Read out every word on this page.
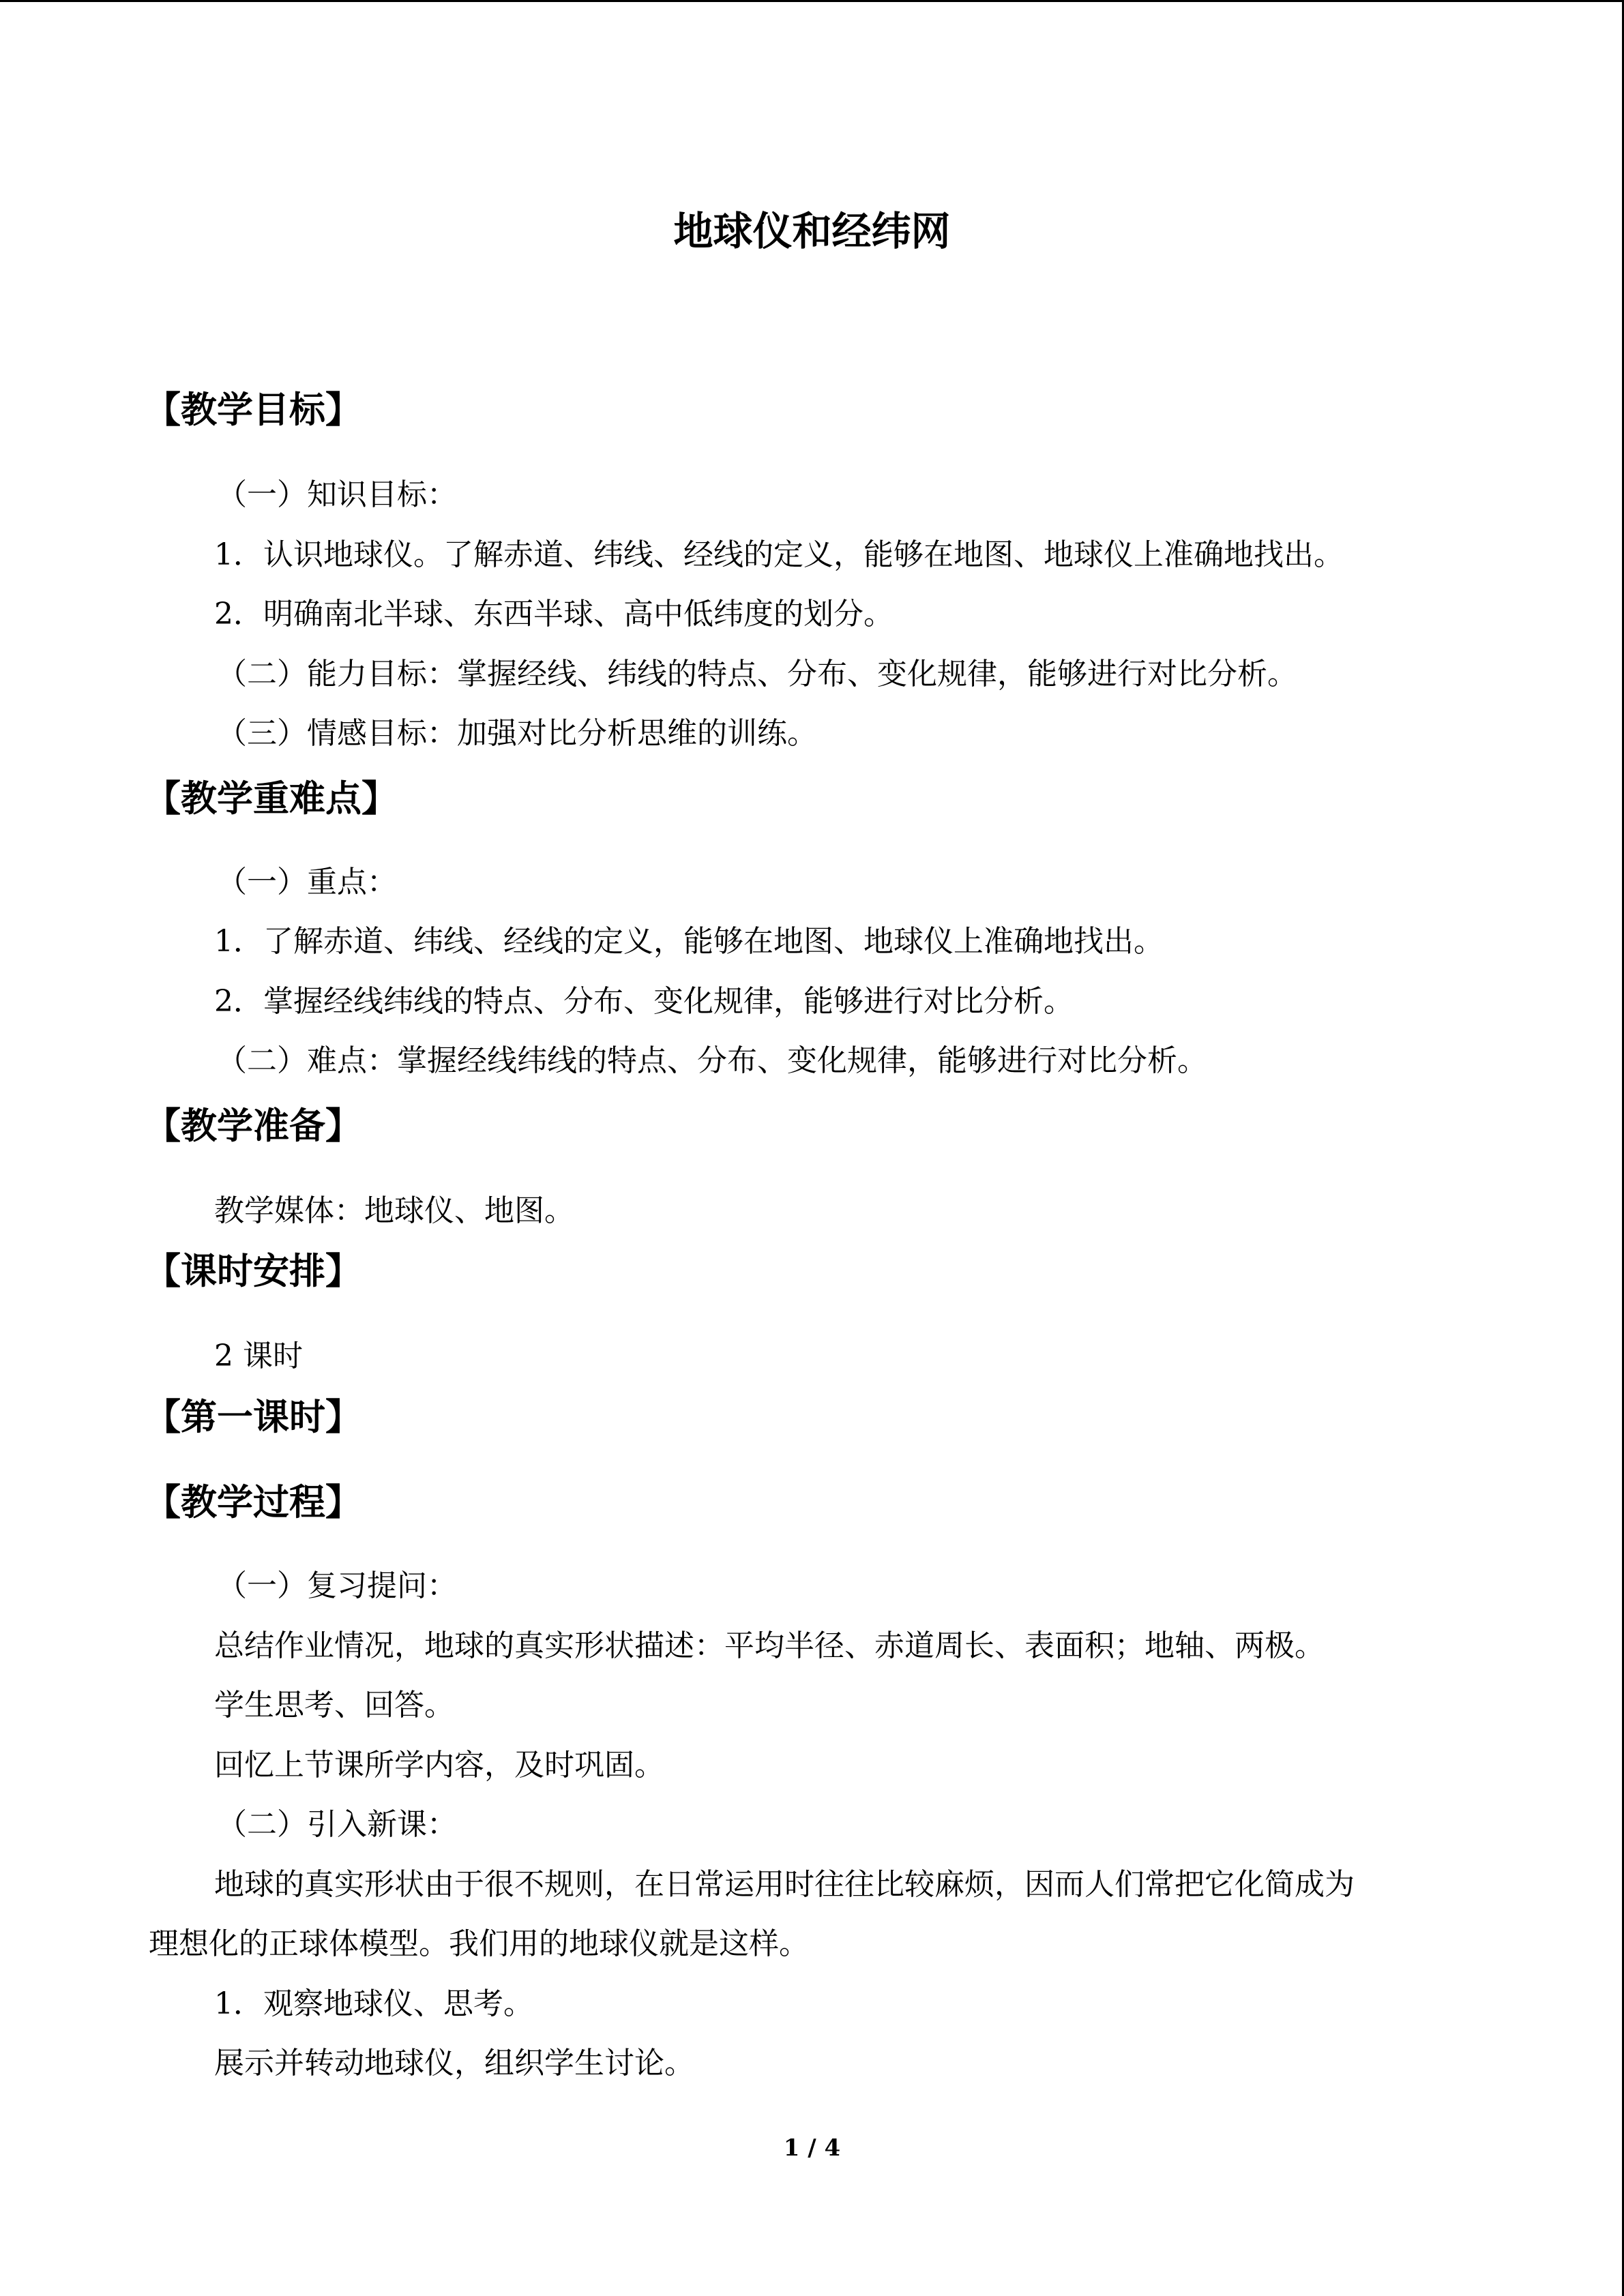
地球仪和经纬网
【教学目标】
（一）知识目标：
1．认识地球仪。了解赤道、纬线、经线的定义，能够在地图、地球仪上准确地找出。
2．明确南北半球、东西半球、高中低纬度的划分。
（二）能力目标：掌握经线、纬线的特点、分布、变化规律，能够进行对比分析。
（三）情感目标：加强对比分析思维的训练。
【教学重难点】
（一）重点：
1．了解赤道、纬线、经线的定义，能够在地图、地球仪上准确地找出。
2．掌握经线纬线的特点、分布、变化规律，能够进行对比分析。
（二）难点：掌握经线纬线的特点、分布、变化规律，能够进行对比分析。
【教学准备】
教学媒体：地球仪、地图。
【课时安排】
2 课时
【第一课时】
【教学过程】
（一）复习提问：
总结作业情况，地球的真实形状描述：平均半径、赤道周长、表面积；地轴、两极。
学生思考、回答。
回忆上节课所学内容，及时巩固。
（二）引入新课：
地球的真实形状由于很不规则，在日常运用时往往比较麻烦，因而人们常把它化简成为
理想化的正球体模型。我们用的地球仪就是这样。
1．观察地球仪、思考。
展示并转动地球仪，组织学生讨论。
1 / 4
